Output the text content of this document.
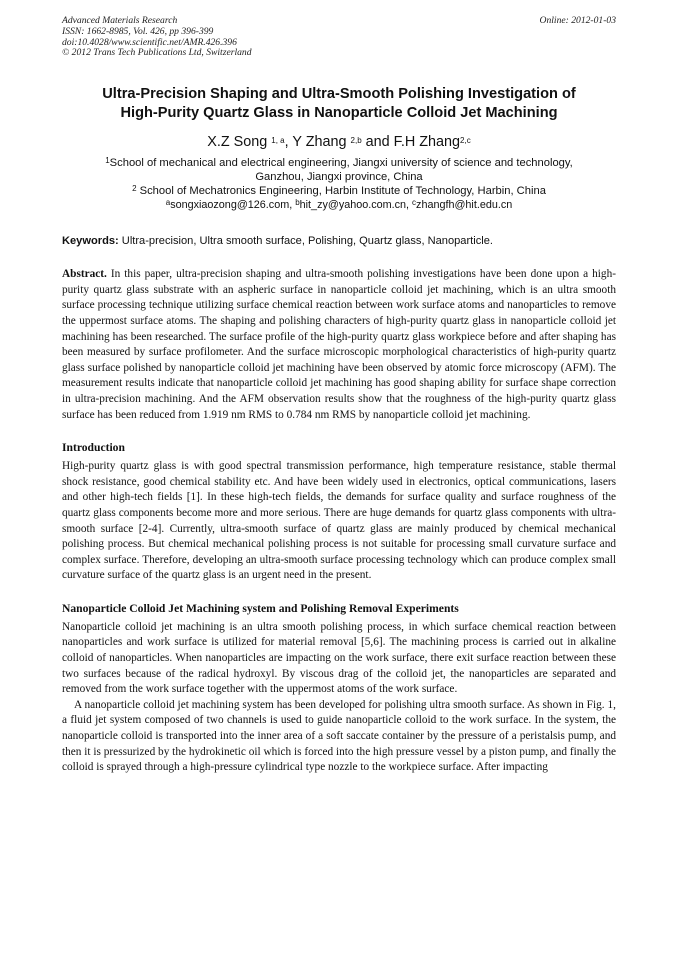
Advanced Materials Research
ISSN: 1662-8985, Vol. 426, pp 396-399
doi:10.4028/www.scientific.net/AMR.426.396
© 2012 Trans Tech Publications Ltd, Switzerland
Online: 2012-01-03
Ultra-Precision Shaping and Ultra-Smooth Polishing Investigation of
High-Purity Quartz Glass in Nanoparticle Colloid Jet Machining
X.Z Song $^{1, a}$, Y Zhang $^{2,b}$ and F.H Zhang$^{2,c}$
$^1$School of mechanical and electrical engineering, Jiangxi university of science and technology,
Ganzhou, Jiangxi province, China
$^2$ School of Mechatronics Engineering, Harbin Institute of Technology, Harbin, China
$^a$songxiaozong@126.com, $^b$hit_zy@yahoo.com.cn, $^c$zhangfh@hit.edu.cn
Keywords: Ultra-precision, Ultra smooth surface, Polishing, Quartz glass, Nanoparticle.
Abstract. In this paper, ultra-precision shaping and ultra-smooth polishing investigations have been done upon a high-purity quartz glass substrate with an aspheric surface in nanoparticle colloid jet machining, which is an ultra smooth surface processing technique utilizing surface chemical reaction between work surface atoms and nanoparticles to remove the uppermost surface atoms. The shaping and polishing characters of high-purity quartz glass in nanoparticle colloid jet machining has been researched. The surface profile of the high-purity quartz glass workpiece before and after shaping has been measured by surface profilometer. And the surface microscopic morphological characteristics of high-purity quartz glass surface polished by nanoparticle colloid jet machining have been observed by atomic force microscopy (AFM). The measurement results indicate that nanoparticle colloid jet machining has good shaping ability for surface shape correction in ultra-precision machining. And the AFM observation results show that the roughness of the high-purity quartz glass surface has been reduced from 1.919 nm RMS to 0.784 nm RMS by nanoparticle colloid jet machining.
Introduction

High-purity quartz glass is with good spectral transmission performance, high temperature resistance, stable thermal shock resistance, good chemical stability etc. And have been widely used in electronics, optical communications, lasers and other high-tech fields [1]. In these high-tech fields, the demands for surface quality and surface roughness of the quartz glass components become more and more serious. There are huge demands for quartz glass components with ultra-smooth surface [2-4]. Currently, ultra-smooth surface of quartz glass are mainly produced by chemical mechanical polishing process. But chemical mechanical polishing process is not suitable for processing small curvature surface and complex surface. Therefore, developing an ultra-smooth surface processing technology which can produce complex small curvature surface of the quartz glass is an urgent need in the present.

Nanoparticle Colloid Jet Machining system and Polishing Removal Experiments

Nanoparticle colloid jet machining is an ultra smooth polishing process, in which surface chemical reaction between nanoparticles and work surface is utilized for material removal [5,6]. The machining process is carried out in alkaline colloid of nanoparticles. When nanoparticles are impacting on the work surface, there exit surface reaction between these two surfaces because of the radical hydroxyl. By viscous drag of the colloid jet, the nanoparticles are separated and removed from the work surface together with the uppermost atoms of the work surface.

A nanoparticle colloid jet machining system has been developed for polishing ultra smooth surface. As shown in Fig. 1, a fluid jet system composed of two channels is used to guide nanoparticle colloid to the work surface. In the system, the nanoparticle colloid is transported into the inner area of a soft saccate container by the pressure of a peristalsis pump, and then it is pressurized by the hydrokinetic oil which is forced into the high pressure vessel by a piston pump, and finally the colloid is sprayed through a high-pressure cylindrical type nozzle to the workpiece surface. After impacting
